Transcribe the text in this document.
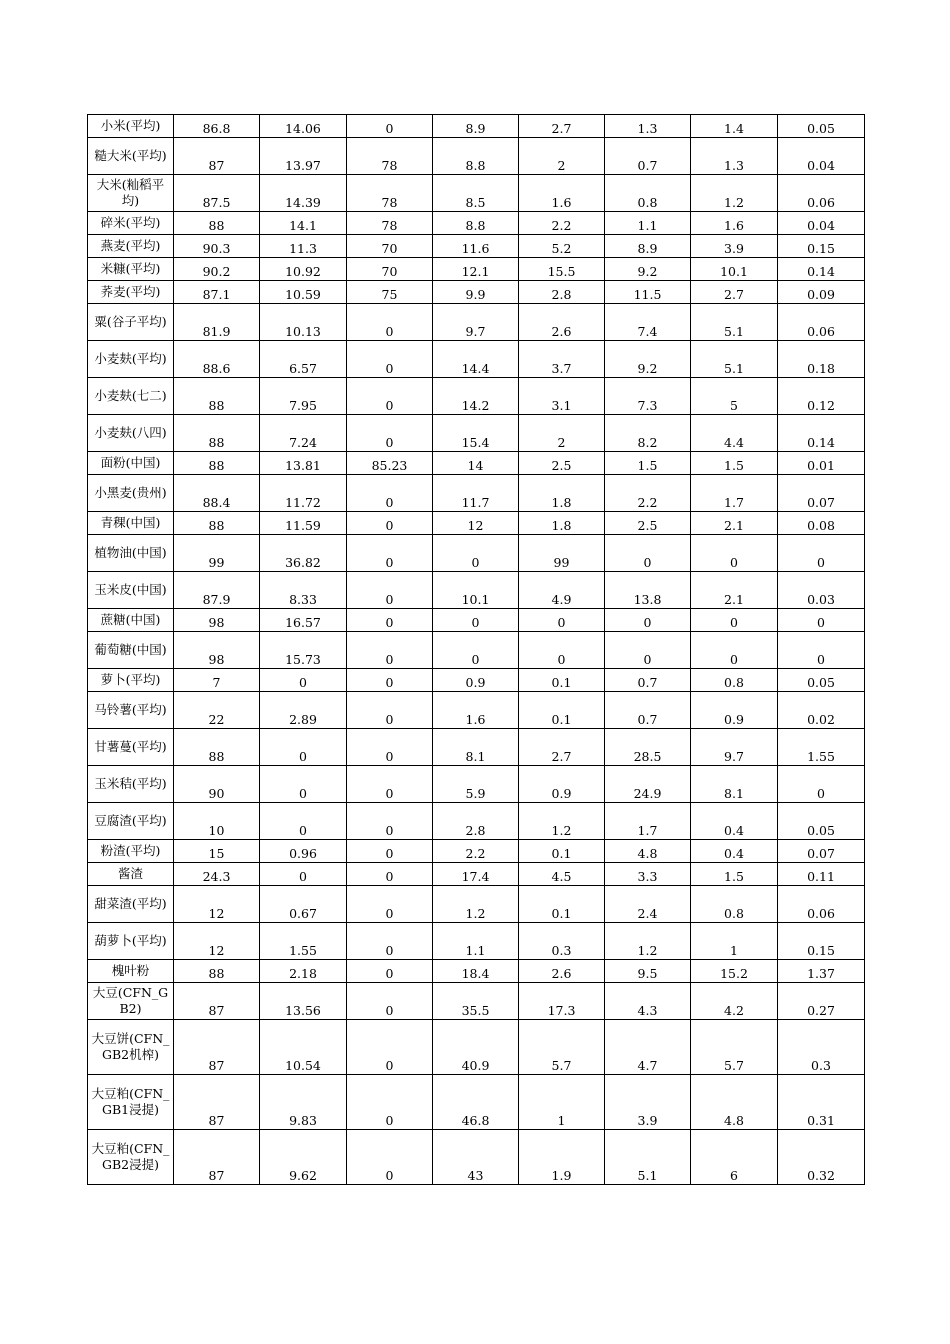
小米(平均)	86.8	14.06	0	8.9	2.7	1.3	1.4	0.05
糙大米(平均)	87	13.97	78	8.8	2	0.7	1.3	0.04
大米(籼稻平均)	87.5	14.39	78	8.5	1.6	0.8	1.2	0.06
碎米(平均)	88	14.1	78	8.8	2.2	1.1	1.6	0.04
燕麦(平均)	90.3	11.3	70	11.6	5.2	8.9	3.9	0.15
米糠(平均)	90.2	10.92	70	12.1	15.5	9.2	10.1	0.14
荞麦(平均)	87.1	10.59	75	9.9	2.8	11.5	2.7	0.09
粟(谷子平均)	81.9	10.13	0	9.7	2.6	7.4	5.1	0.06
小麦麸(平均)	88.6	6.57	0	14.4	3.7	9.2	5.1	0.18
小麦麸(七二)	88	7.95	0	14.2	3.1	7.3	5	0.12
小麦麸(八四)	88	7.24	0	15.4	2	8.2	4.4	0.14
面粉(中国)	88	13.81	85.23	14	2.5	1.5	1.5	0.01
小黑麦(贵州)	88.4	11.72	0	11.7	1.8	2.2	1.7	0.07
青稞(中国)	88	11.59	0	12	1.8	2.5	2.1	0.08
植物油(中国)	99	36.82	0	0	99	0	0	0
玉米皮(中国)	87.9	8.33	0	10.1	4.9	13.8	2.1	0.03
蔗糖(中国)	98	16.57	0	0	0	0	0	0
葡萄糖(中国)	98	15.73	0	0	0	0	0	0
萝卜(平均)	7	0	0	0.9	0.1	0.7	0.8	0.05
马铃薯(平均)	22	2.89	0	1.6	0.1	0.7	0.9	0.02
甘薯蔓(平均)	88	0	0	8.1	2.7	28.5	9.7	1.55
玉米秸(平均)	90	0	0	5.9	0.9	24.9	8.1	0
豆腐渣(平均)	10	0	0	2.8	1.2	1.7	0.4	0.05
粉渣(平均)	15	0.96	0	2.2	0.1	4.8	0.4	0.07
酱渣	24.3	0	0	17.4	4.5	3.3	1.5	0.11
甜菜渣(平均)	12	0.67	0	1.2	0.1	2.4	0.8	0.06
葫萝卜(平均)	12	1.55	0	1.1	0.3	1.2	1	0.15
槐叶粉	88	2.18	0	18.4	2.6	9.5	15.2	1.37
大豆(CFN_GB2)	87	13.56	0	35.5	17.3	4.3	4.2	0.27
大豆饼(CFN_GB2机榨)	87	10.54	0	40.9	5.7	4.7	5.7	0.3
大豆粕(CFN_GB1浸提)	87	9.83	0	46.8	1	3.9	4.8	0.31
大豆粕(CFN_GB2浸提)	87	9.62	0	43	1.9	5.1	6	0.32
